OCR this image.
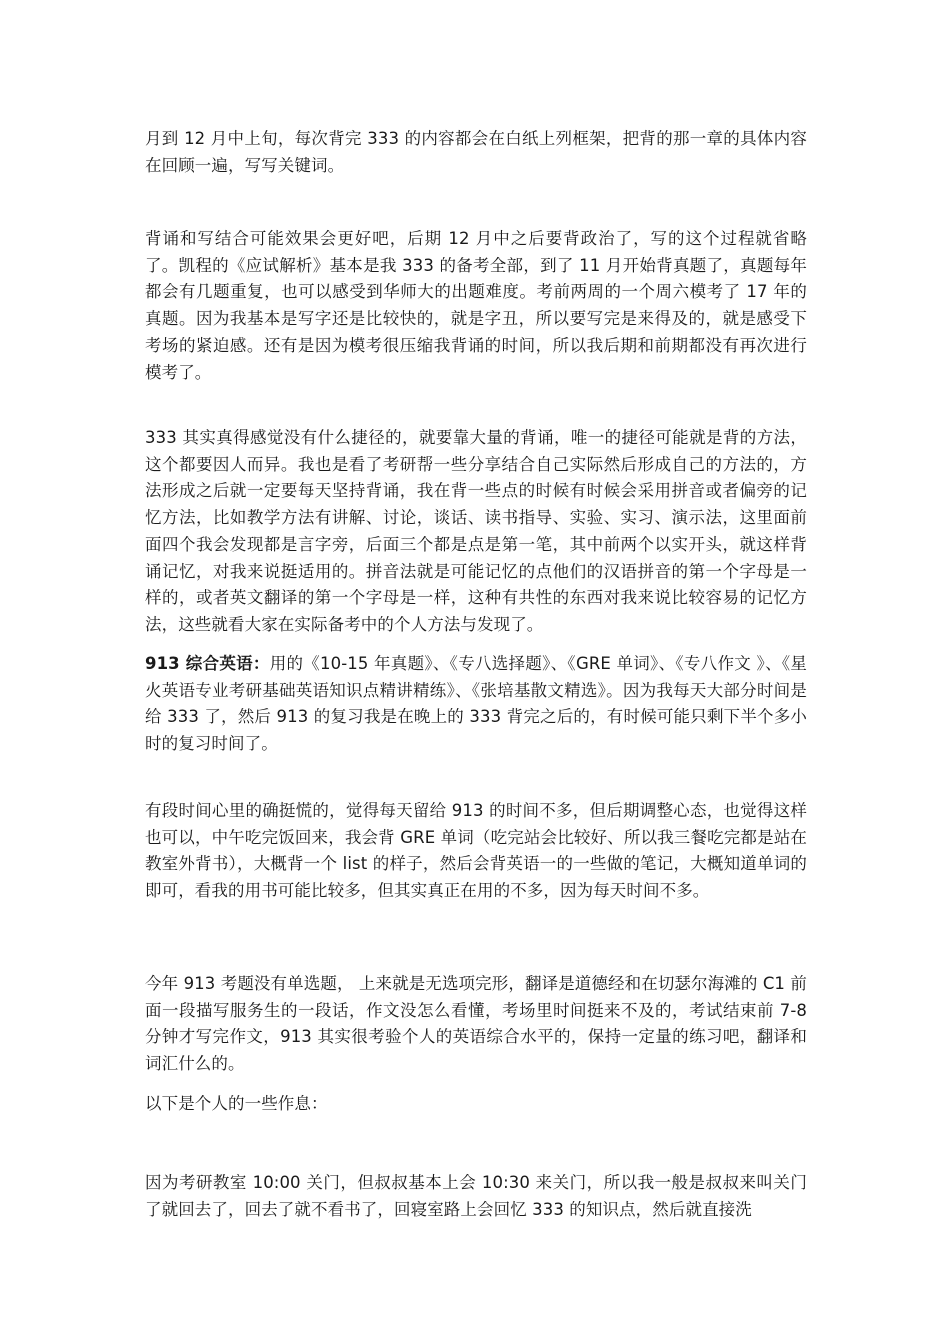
月到 12 月中上旬，每次背完 333 的内容都会在白纸上列框架，把背的那一章的具体内容在回顾一遍，写写关键词。

背诵和写结合可能效果会更好吧，后期 12 月中之后要背政治了，写的这个过程就省略了。凯程的《应试解析》基本是我 333 的备考全部，到了 11 月开始背真题了，真题每年都会有几题重复，也可以感受到华师大的出题难度。考前两周的一个周六模考了 17 年的真题。因为我基本是写字还是比较快的，就是字丑，所以要写完是来得及的，就是感受下考场的紧迫感。还有是因为模考很压缩我背诵的时间，所以我后期和前期都没有再次进行模考了。

333 其实真得感觉没有什么捷径的，就要靠大量的背诵，唯一的捷径可能就是背的方法，这个都要因人而异。我也是看了考研帮一些分享结合自己实际然后形成自己的方法的，方法形成之后就一定要每天坚持背诵，我在背一些点的时候有时候会采用拼音或者偏旁的记忆方法，比如教学方法有讲解、讨论，谈话、读书指导、实验、实习、演示法，这里面前面四个我会发现都是言字旁，后面三个都是点是第一笔，其中前两个以实开头，就这样背诵记忆，对我来说挺适用的。拼音法就是可能记忆的点他们的汉语拼音的第一个字母是一样的，或者英文翻译的第一个字母是一样，这种有共性的东西对我来说比较容易的记忆方法，这些就看大家在实际备考中的个人方法与发现了。

913 综合英语：用的《10-15 年真题》、《专八选择题》、《GRE 单词》、《专八作文 》、《星火英语专业考研基础英语知识点精讲精练》、《张培基散文精选》。因为我每天大部分时间是给 333 了，然后 913 的复习我是在晚上的 333 背完之后的，有时候可能只剩下半个多小时的复习时间了。

有段时间心里的确挺慌的，觉得每天留给 913 的时间不多，但后期调整心态，也觉得这样也可以，中午吃完饭回来，我会背 GRE 单词（吃完站会比较好、所以我三餐吃完都是站在教室外背书），大概背一个 list 的样子，然后会背英语一的一些做的笔记，大概知道单词的即可，看我的用书可能比较多，但其实真正在用的不多，因为每天时间不多。

今年 913 考题没有单选题， 上来就是无选项完形，翻译是道德经和在切瑟尔海滩的 C1 前面一段描写服务生的一段话，作文没怎么看懂，考场里时间挺来不及的，考试结束前 7-8 分钟才写完作文，913 其实很考验个人的英语综合水平的，保持一定量的练习吧，翻译和词汇什么的。

以下是个人的一些作息：

因为考研教室 10:00 关门，但叔叔基本上会 10:30 来关门，所以我一般是叔叔来叫关门了就回去了，回去了就不看书了，回寝室路上会回忆 333 的知识点，然后就直接洗
